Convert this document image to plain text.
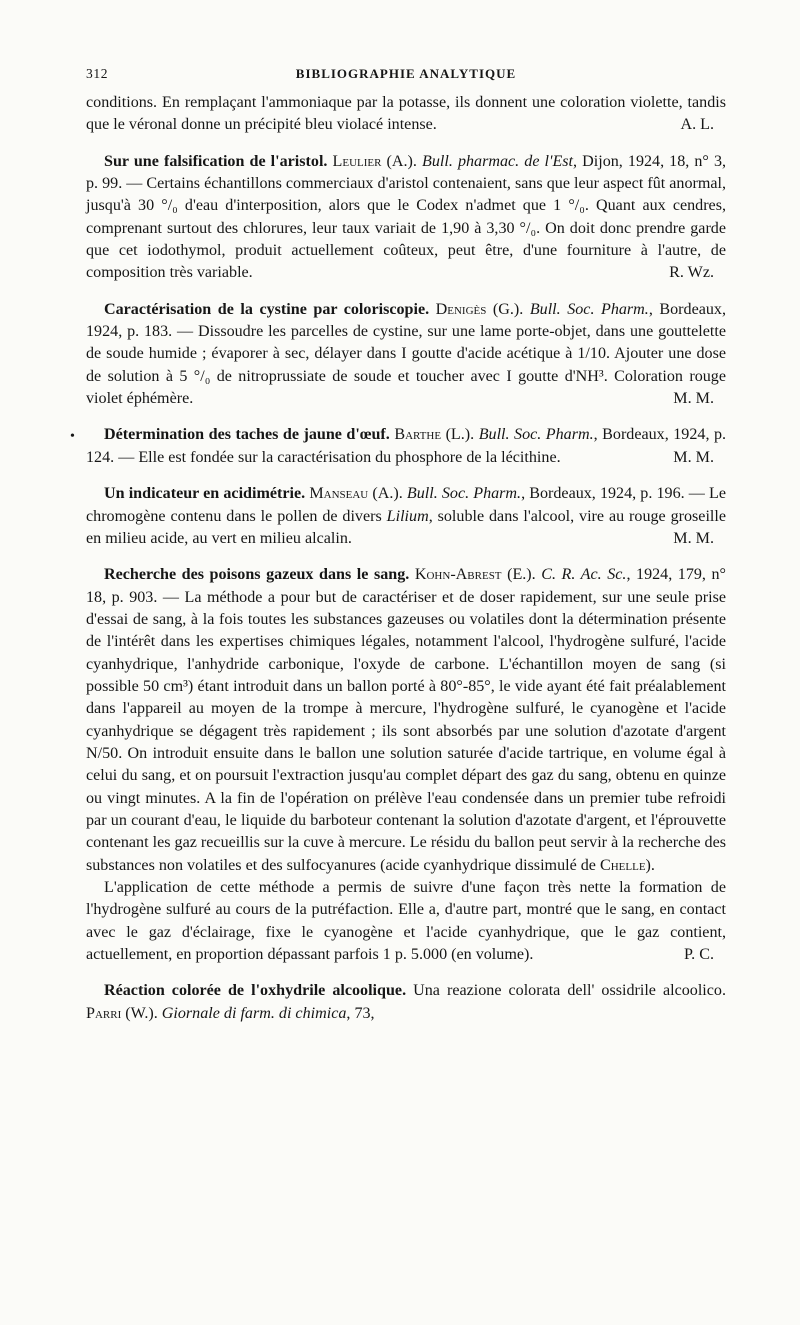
312	BIBLIOGRAPHIE ANALYTIQUE

conditions. En remplaçant l'ammoniaque par la potasse, ils donnent une coloration violette, tandis que le véronal donne un précipité bleu violacé intense.	A. L.

Sur une falsification de l'aristol. Leulier (A.). Bull. pharmac. de l'Est, Dijon, 1924, 18, n° 3, p. 99. — Certains échantillons commerciaux d'aristol contenaient, sans que leur aspect fût anormal, jusqu'à 30 °/₀ d'eau d'interposition, alors que le Codex n'admet que 1 °/₀. Quant aux cendres, comprenant surtout des chlorures, leur taux variait de 1,90 à 3,30 °/₀. On doit donc prendre garde que cet iodothymol, produit actuellement coûteux, peut être, d'une fourniture à l'autre, de composition très variable.	R. Wz.

Caractérisation de la cystine par coloriscopie. Denigès (G.). Bull. Soc. Pharm., Bordeaux, 1924, p. 183. — Dissoudre les parcelles de cystine, sur une lame porte-objet, dans une gouttelette de soude humide ; évaporer à sec, délayer dans I goutte d'acide acétique à 1/10. Ajouter une dose de solution à 5 °/₀ de nitroprussiate de soude et toucher avec I goutte d'NH³. Coloration rouge violet éphémère.	M. M.
•	Détermination des taches de jaune d'œuf. Barthe (L.). Bull. Soc. Pharm., Bordeaux, 1924, p. 124. — Elle est fondée sur la caractérisation du phosphore de la lécithine.	M. M.

Un indicateur en acidimétrie. Manseau (A.). Bull. Soc. Pharm., Bordeaux, 1924, p. 196. — Le chromogène contenu dans le pollen de divers Lilium, soluble dans l'alcool, vire au rouge groseille en milieu acide, au vert en milieu alcalin.	M. M.

Recherche des poisons gazeux dans le sang. Kohn-Abrest (E.). C. R. Ac. Sc., 1924, 179, n° 18, p. 903. — La méthode a pour but de caractériser et de doser rapidement, sur une seule prise d'essai de sang, à la fois toutes les substances gazeuses ou volatiles dont la détermination présente de l'intérêt dans les expertises chimiques légales, notamment l'alcool, l'hydrogène sulfuré, l'acide cyanhydrique, l'anhydride carbonique, l'oxyde de carbone. L'échantillon moyen de sang (si possible 50 cm³) étant introduit dans un ballon porté à 80°-85°, le vide ayant été fait préalablement dans l'appareil au moyen de la trompe à mercure, l'hydrogène sulfuré, le cyanogène et l'acide cyanhydrique se dégagent très rapidement ; ils sont absorbés par une solution d'azotate d'argent N/50. On introduit ensuite dans le ballon une solution saturée d'acide tartrique, en volume égal à celui du sang, et on poursuit l'extraction jusqu'au complet départ des gaz du sang, obtenu en quinze ou vingt minutes. A la fin de l'opération on prélève l'eau condensée dans un premier tube refroidi par un courant d'eau, le liquide du barboteur contenant la solution d'azotate d'argent, et l'éprouvette contenant les gaz recueillis sur la cuve à mercure. Le résidu du ballon peut servir à la recherche des substances non volatiles et des sulfocyanures (acide cyanhydrique dissimulé de Chelle).

L'application de cette méthode a permis de suivre d'une façon très nette la formation de l'hydrogène sulfuré au cours de la putréfaction. Elle a, d'autre part, montré que le sang, en contact avec le gaz d'éclairage, fixe le cyanogène et l'acide cyanhydrique, que le gaz contient, actuellement, en proportion dépassant parfois 1 p. 5.000 (en volume).	P. C.

Réaction colorée de l'oxhydrile alcoolique. Una reazione colorata dell' ossidrile alcoolico. Parri (W.). Giornale di farm. di chimica, 73,
